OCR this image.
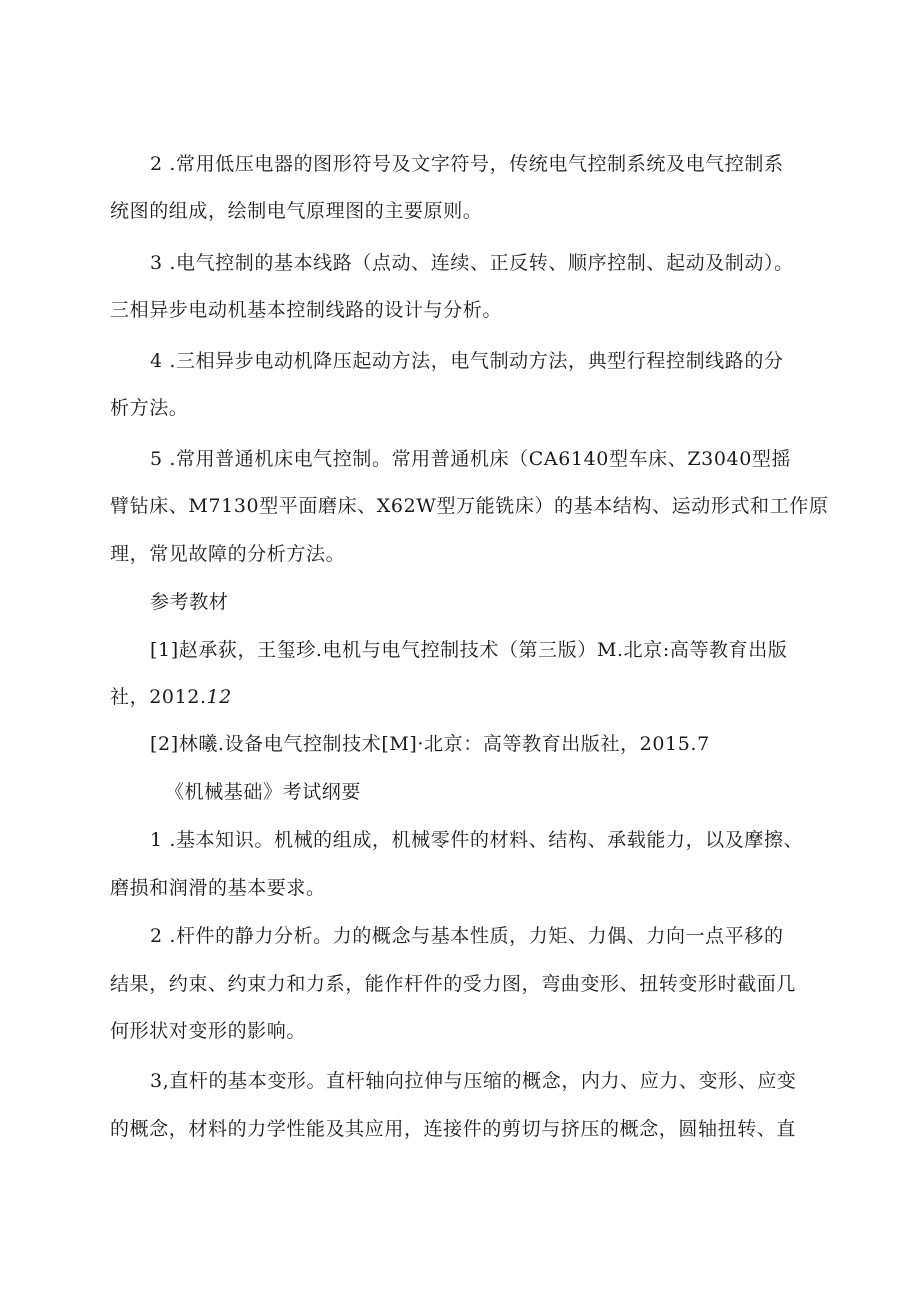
2 .常用低压电器的图形符号及文字符号，传统电气控制系统及电气控制系
统图的组成，绘制电气原理图的主要原则。
3 .电气控制的基本线路（点动、连续、正反转、顺序控制、起动及制动）。
三相异步电动机基本控制线路的设计与分析。
4 .三相异步电动机降压起动方法，电气制动方法，典型行程控制线路的分
析方法。
5 .常用普通机床电气控制。常用普通机床（CA6140型车床、Z3040型摇
臂钻床、M7130型平面磨床、X62W型万能铣床）的基本结构、运动形式和工作原
理，常见故障的分析方法。
参考教材
[1]赵承荻，王玺珍.电机与电气控制技术（第三版）M.北京:高等教育出版
社，2012.12
[2]林曦.设备电气控制技术[M]·北京：高等教育出版社，2015.7
《机械基础》考试纲要
1 .基本知识。机械的组成，机械零件的材料、结构、承载能力，以及摩擦、
磨损和润滑的基本要求。
2 .杆件的静力分析。力的概念与基本性质，力矩、力偶、力向一点平移的
结果，约束、约束力和力系，能作杆件的受力图，弯曲变形、扭转变形时截面几
何形状对变形的影响。
3,直杆的基本变形。直杆轴向拉伸与压缩的概念，内力、应力、变形、应变
的概念，材料的力学性能及其应用，连接件的剪切与挤压的概念，圆轴扭转、直
